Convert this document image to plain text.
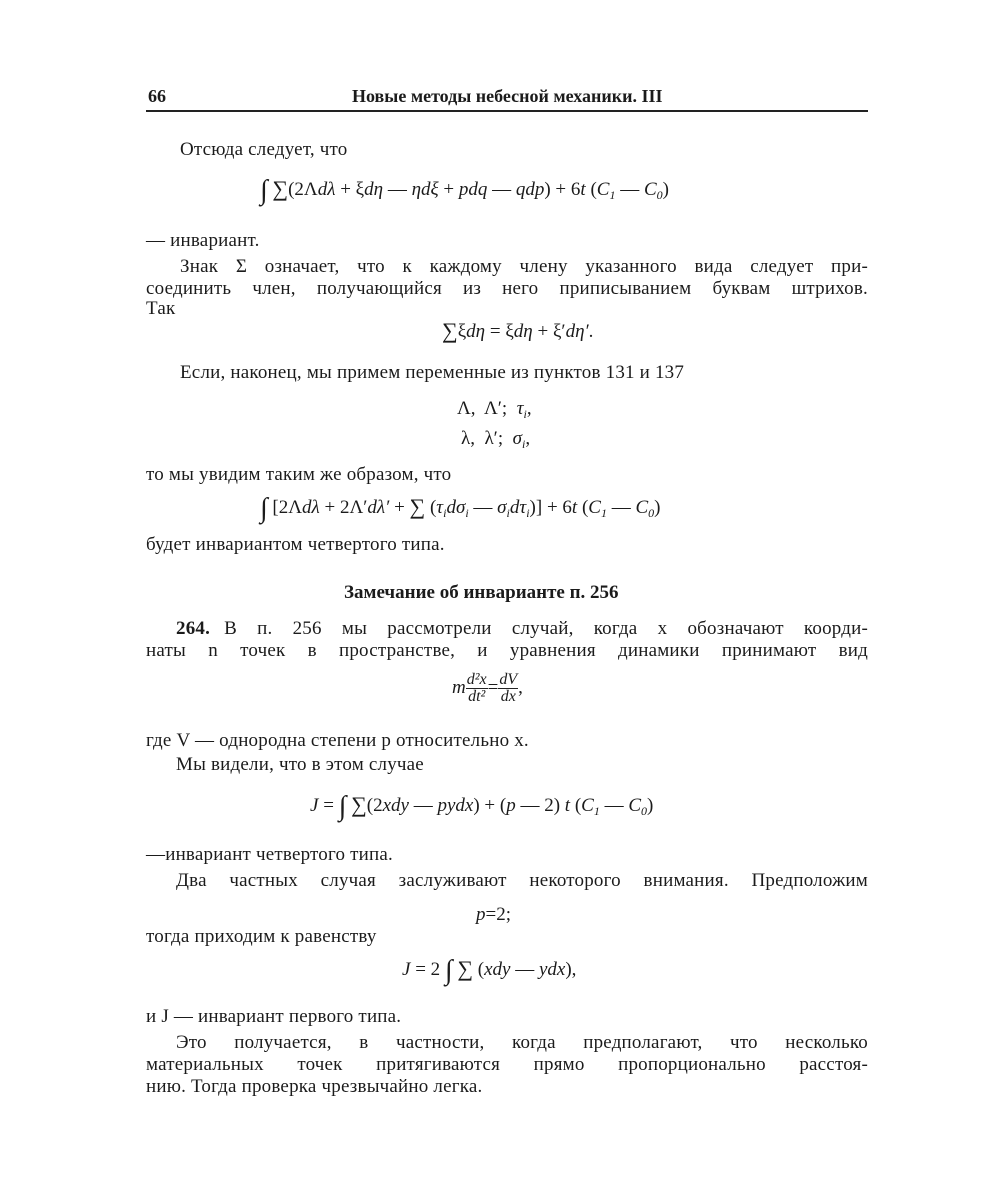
66	Новые методы небесной механики. III
Отсюда следует, что
∫ ∑(2Λdλ + ξdη — ηdξ + pdq — qdp) + 6t ($C_1$ — $C_0$)
— инвариант.
Знак Σ означает, что к каждому члену указанного вида следует при-
соединить член, получающийся из него приписыванием буквам штрихов.
Так
∑ξdη = ξdη + ξ′dη′.
Если, наконец, мы примем переменные из пунктов 131 и 137
Λ,  Λ′;  $\tau_i$,
λ,  λ′;  $\sigma_i$,
то мы увидим таким же образом, что
∫ [2Λdλ + 2Λ′dλ′ + ∑ ($\tau_id\sigma_i$ — $\sigma_id\tau_i)] + 6t$ ($C_1$ — $C_0$)
будет инвариантом четвертого типа.
Замечание об инварианте п. 256
264. В п. 256 мы рассмотрели случай, когда x обозначают коорди-
наты n точек в пространстве, и уравнения динамики принимают вид
m $\frac{\text{d²x}}{\text{dt²}} = \frac{dV}{dx}$ ,
где V — однородна степени p относительно x.
Мы видели, что в этом случае
J = ∫ ∑(2xdy — pydx) + (p — 2) t ($C_1$ — $C_0$)
—инвариант четвертого типа.
Два частных случая заслуживают некоторого внимания. Предположим
p=2;
тогда приходим к равенству
J = 2 ∫ ∑ (xdy — ydx),
и J — инвариант первого типа.
Это получается, в частности, когда предполагают, что несколько
материальных точек притягиваются прямо пропорционально расстоя-
нию. Тогда проверка чрезвычайно легка.
